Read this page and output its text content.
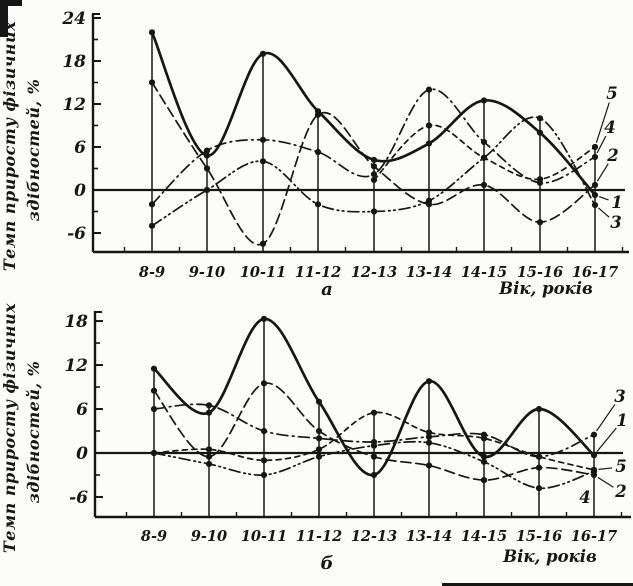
24
18
12
6
0
-6
8-9 9-10 10-11 11-12 12-13 13-14 14-15 15-16 16-17
5
4
2
1
3
а	Вік, років
Темп приросту фізичних здібностей, %
18
12
6
0
-6
8-9 9-10 10-11 11-12 12-13 13-14 14-15 15-16 16-17
3
1
5
2
4
б	Вік, років
Темп приросту фізичних здібностей, %
